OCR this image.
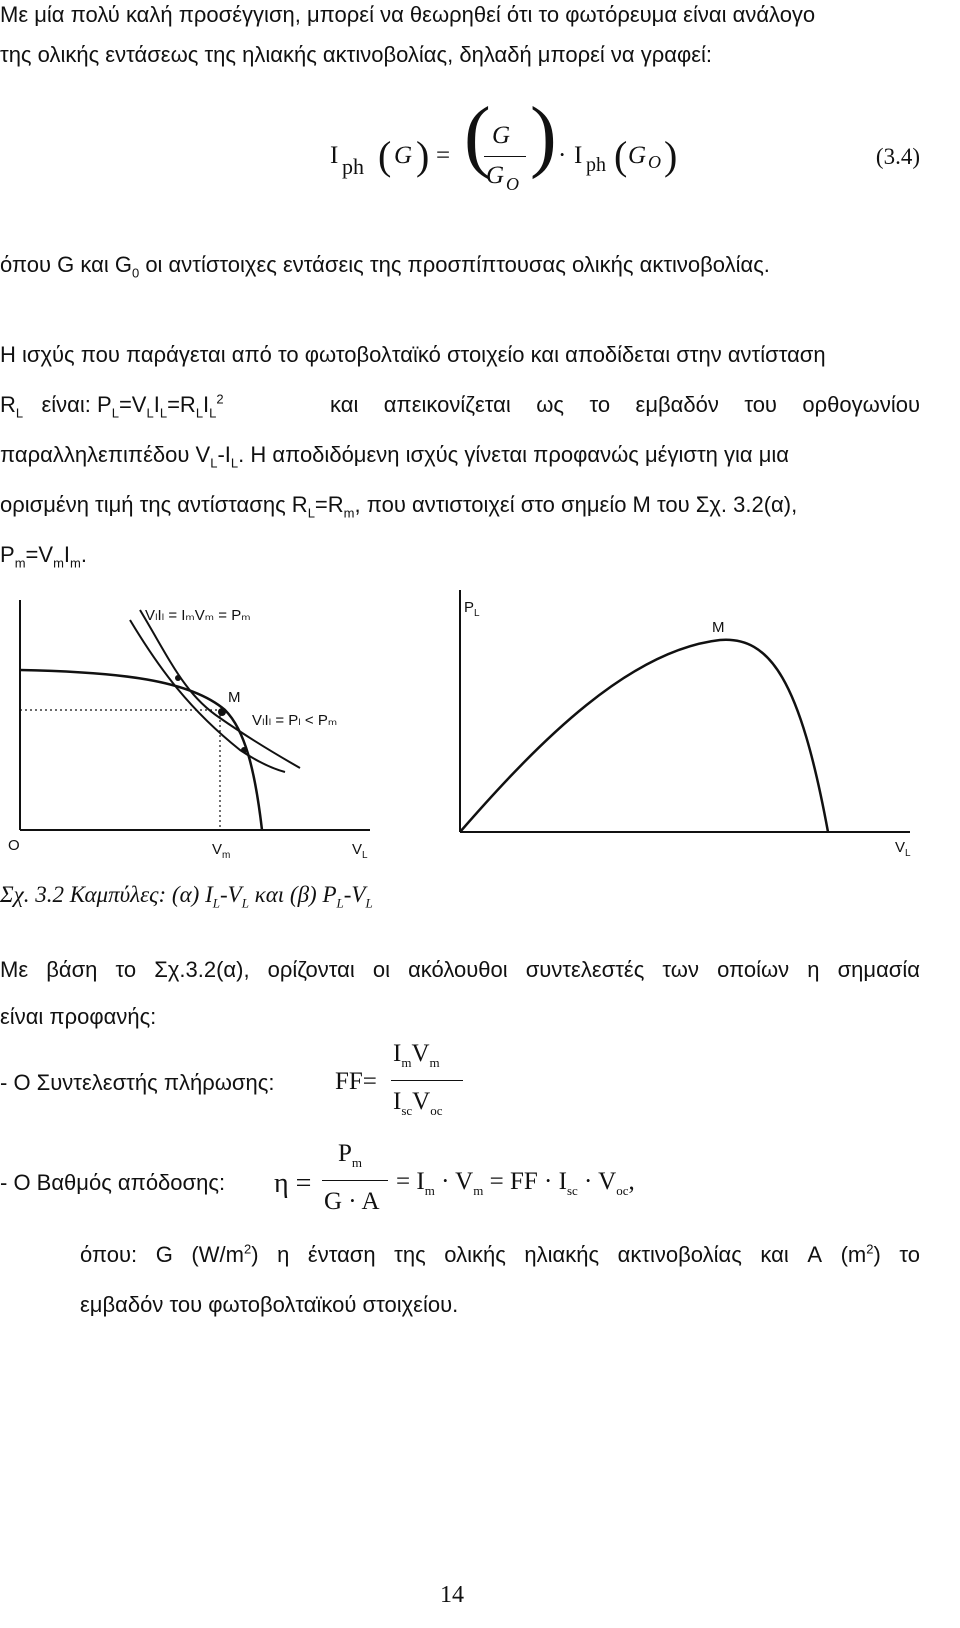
Με μία πολύ καλή προσέγγιση, μπορεί να θεωρηθεί ότι το φωτόρευμα είναι ανάλογο
της ολικής εντάσεως της ηλιακής ακτινοβολίας, δηλαδή μπορεί να γραφεί:
I ph ( G ) = ( G
G O
) · I ph ( G O )	(3.4)
όπου G και $G_0$ οι αντίστοιχες εντάσεις της προσπίπτουσας ολικής ακτινοβολίας.
Η ισχύς που παράγεται από το φωτοβολταϊκό στοιχείο και αποδίδεται στην αντίσταση
$R_L$ είναι: $P_L=V_LI_L=R_LI_L^2$	και απεικονίζεται ως το εμβαδόν του ορθογωνίου
παραλληλεπιπέδου $V_L-I_L$. Η αποδιδόμενη ισχύς γίνεται προφανώς μέγιστη για μια
ορισμένη τιμή της αντίστασης $R_L=R_m$, που αντιστοιχεί στο σημείο Μ του Σχ. 3.2(α),
$P_m=V_mI_m$.
VₗIₗ = IₘVₘ = Pₘ
VₗIₗ = Pₗ < Pₘ
M
O	$V_m$	$V_L$
$P_L$
M
$V_L$
Σχ. 3.2 Καμπύλες: (α) $I_L-V_L$ και (β) $P_L-V_L$
Με βάση το Σχ.3.2(α), ορίζονται οι ακόλουθοι συντελεστές των οποίων η σημασία
είναι προφανής:
- Ο Συντελεστής πλήρωσης: FF=
$I_mV_m$
$I_{sc}V_{oc}$
- Ο Βαθμός απόδοσης: η =
$P_m$
G · A
= $I_m \cdot V_m$ = FF · $I_{sc} \cdot V_{oc}$,
όπου: G $(W/m^2)$ η ένταση της ολικής ηλιακής ακτινοβολίας και A $(m^2)$ το
εμβαδόν του φωτοβολταϊκού στοιχείου.
14
